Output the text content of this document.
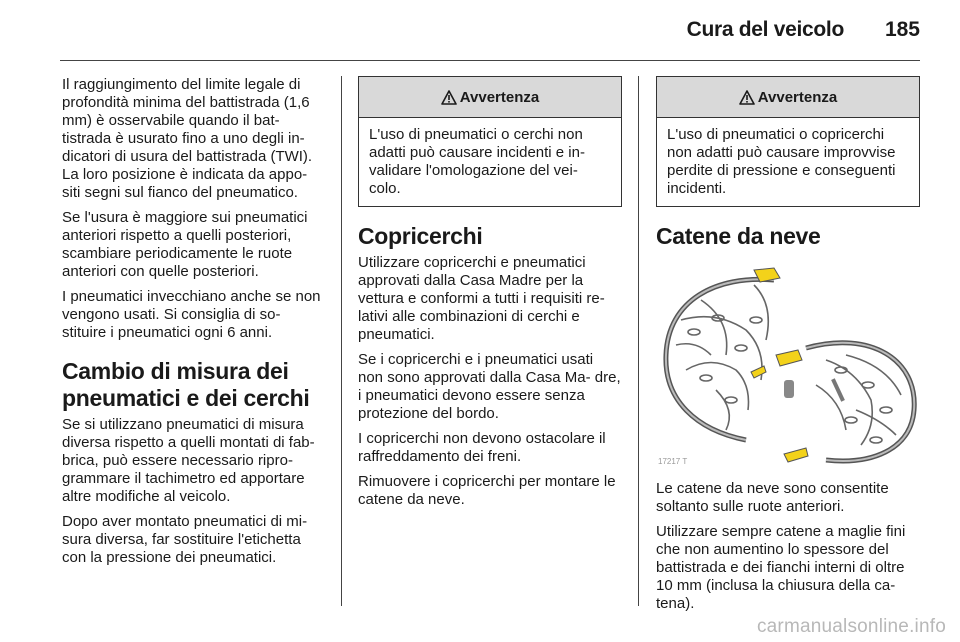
Cura del veicolo 185

Il raggiungimento del limite legale di profondità minima del battistrada (1,6 mm) è osservabile quando il bat- tistrada è usurato fino a uno degli in- dicatori di usura del battistrada (TWI). La loro posizione è indicata da appo- siti segni sul fianco del pneumatico.

Se l'usura è maggiore sui pneumatici anteriori rispetto a quelli posteriori, scambiare periodicamente le ruote anteriori con quelle posteriori.

I pneumatici invecchiano anche se non vengono usati. Si consiglia di so- stituire i pneumatici ogni 6 anni.

Cambio di misura dei pneumatici e dei cerchi

Se si utilizzano pneumatici di misura diversa rispetto a quelli montati di fab- brica, può essere necessario ripro- grammare il tachimetro ed apportare altre modifiche al veicolo.

Dopo aver montato pneumatici di mi- sura diversa, far sostituire l'etichetta con la pressione dei pneumatici.

Avvertenza
L'uso di pneumatici o cerchi non adatti può causare incidenti e in- validare l'omologazione del vei- colo.
Copricerchi

Utilizzare copricerchi e pneumatici approvati dalla Casa Madre per la vettura e conformi a tutti i requisiti re- lativi alle combinazioni di cerchi e pneumatici.

Se i copricerchi e i pneumatici usati non sono approvati dalla Casa Ma- dre, i pneumatici devono essere senza protezione del bordo.

I copricerchi non devono ostacolare il raffreddamento dei freni.

Rimuovere i copricerchi per montare le catene da neve.

Avvertenza
L'uso di pneumatici o copricerchi non adatti può causare improvvise perdite di pressione e conseguenti incidenti.
Catene da neve
17217 T

Le catene da neve sono consentite soltanto sulle ruote anteriori.

Utilizzare sempre catene a maglie fini che non aumentino lo spessore del battistrada e dei fianchi interni di oltre 10 mm (inclusa la chiusura della ca- tena).

carmanualsonline.info
